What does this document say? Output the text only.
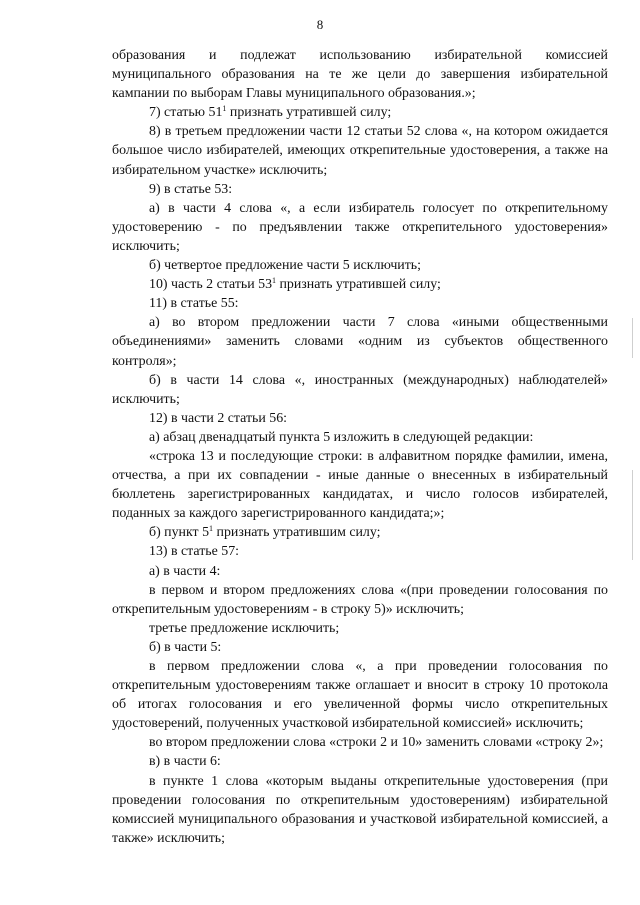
8

образования и подлежат использованию избирательной комиссией муниципального образования на те же цели до завершения избирательной кампании по выборам Главы муниципального образования.»;

7) статью $51^1$ признать утратившей силу;

8) в третьем предложении части 12 статьи 52 слова «, на котором ожидается большое число избирателей, имеющих открепительные удостоверения, а также на избирательном участке» исключить;

9) в статье 53:

а) в части 4 слова «, а если избиратель голосует по открепительному удостоверению - по предъявлении также открепительного удостоверения» исключить;

б) четвертое предложение части 5 исключить;

10) часть 2 статьи $53^1$ признать утратившей силу;

11) в статье 55:

а) во втором предложении части 7 слова «иными общественными объединениями» заменить словами «одним из субъектов общественного контроля»;

б) в части 14 слова «, иностранных (международных) наблюдателей» исключить;

12) в части 2 статьи 56:

а) абзац двенадцатый пункта 5 изложить в следующей редакции:

«строка 13 и последующие строки: в алфавитном порядке фамилии, имена, отчества, а при их совпадении - иные данные о внесенных в избирательный бюллетень зарегистрированных кандидатах, и число голосов избирателей, поданных за каждого зарегистрированного кандидата;»;

б) пункт $5^1$ признать утратившим силу;

13) в статье 57:

а) в части 4:

в первом и втором предложениях слова «(при проведении голосования по открепительным удостоверениям - в строку 5)» исключить;

третье предложение исключить;

б) в части 5:

в первом предложении слова «, а при проведении голосования по открепительным удостоверениям также оглашает и вносит в строку 10 протокола об итогах голосования и его увеличенной формы число открепительных удостоверений, полученных участковой избирательной комиссией» исключить;

во втором предложении слова «строки 2 и 10» заменить словами «строку 2»;

в) в части 6:

в пункте 1 слова «которым выданы открепительные удостоверения (при проведении голосования по открепительным удостоверениям) избирательной комиссией муниципального образования и участковой избирательной комиссией, а также» исключить;
